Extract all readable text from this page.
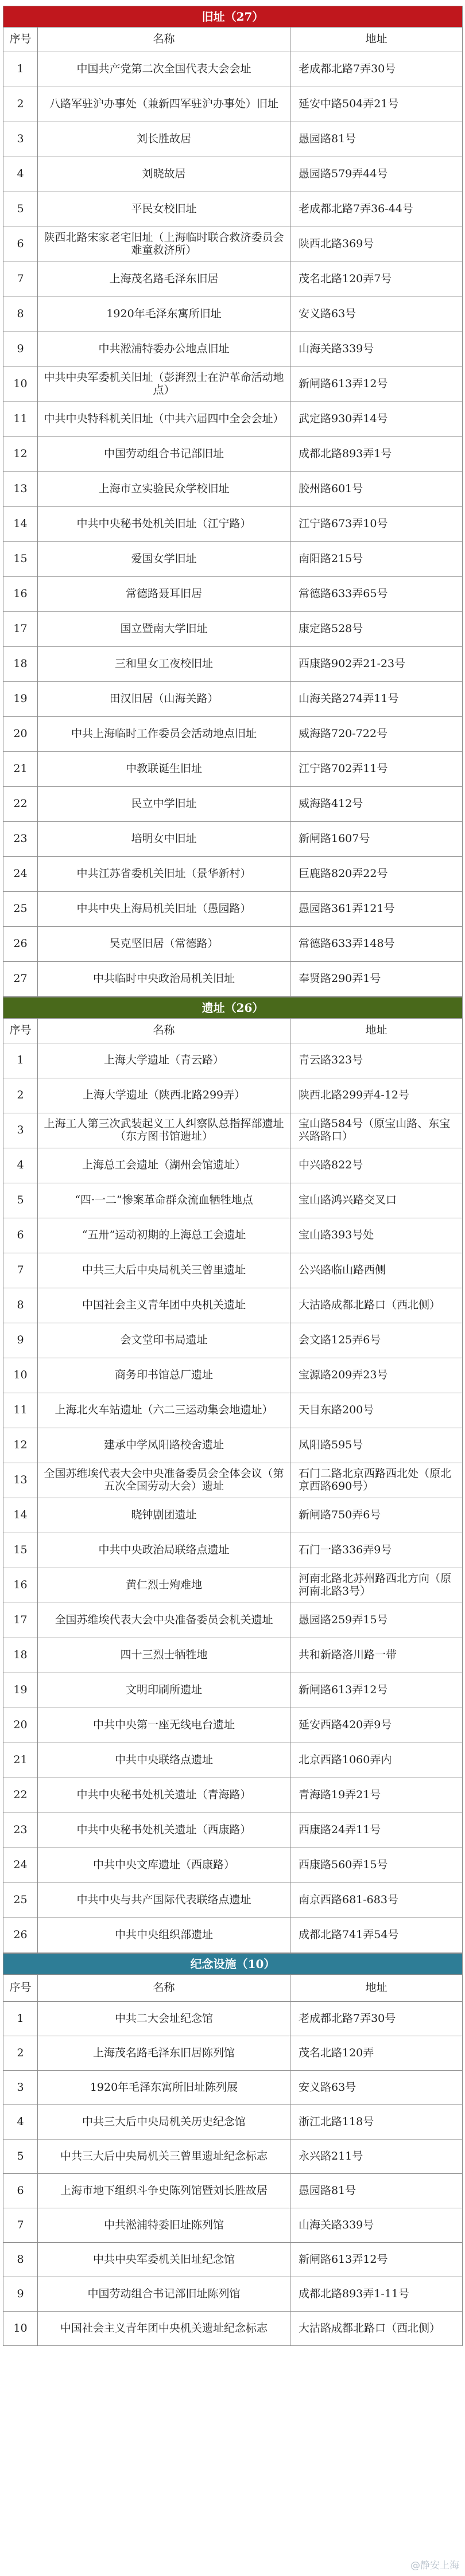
旧址（27）		
序号	名称	地址
1	中国共产党第二次全国代表大会会址	老成都北路7弄30号
2	八路军驻沪办事处（兼新四军驻沪办事处）旧址	延安中路504弄21号
3	刘长胜故居	愚园路81号
4	刘晓故居	愚园路579弄44号
5	平民女校旧址	老成都北路7弄36-44号
6	陕西北路宋家老宅旧址（上海临时联合救济委员会难童救济所）	陕西北路369号
7	上海茂名路毛泽东旧居	茂名北路120弄7号
8	1920年毛泽东寓所旧址	安义路63号
9	中共淞浦特委办公地点旧址	山海关路339号
10	中共中央军委机关旧址（彭湃烈士在沪革命活动地点）	新闸路613弄12号
11	中共中央特科机关旧址（中共六届四中全会会址）	武定路930弄14号
12	中国劳动组合书记部旧址	成都北路893弄1号
13	上海市立实验民众学校旧址	胶州路601号
14	中共中央秘书处机关旧址（江宁路）	江宁路673弄10号
15	爱国女学旧址	南阳路215号
16	常德路聂耳旧居	常德路633弄65号
17	国立暨南大学旧址	康定路528号
18	三和里女工夜校旧址	西康路902弄21-23号
19	田汉旧居（山海关路）	山海关路274弄11号
20	中共上海临时工作委员会活动地点旧址	威海路720-722号
21	中教联诞生旧址	江宁路702弄11号
22	民立中学旧址	威海路412号
23	培明女中旧址	新闸路1607号
24	中共江苏省委机关旧址（景华新村）	巨鹿路820弄22号
25	中共中央上海局机关旧址（愚园路）	愚园路361弄121号
26	吴克坚旧居（常德路）	常德路633弄148号
27	中共临时中央政治局机关旧址	奉贤路290弄1号
遗址（26）		
序号	名称	地址
1	上海大学遗址（青云路）	青云路323号
2	上海大学遗址（陕西北路299弄）	陕西北路299弄4-12号
3	上海工人第三次武装起义工人纠察队总指挥部遗址（东方图书馆遗址）	宝山路584号（原宝山路、东宝兴路路口）
4	上海总工会遗址（湖州会馆遗址）	中兴路822号
5	“四·一二”惨案革命群众流血牺牲地点	宝山路鸿兴路交叉口
6	“五卅”运动初期的上海总工会遗址	宝山路393号处
7	中共三大后中央局机关三曾里遗址	公兴路临山路西侧
8	中国社会主义青年团中央机关遗址	大沽路成都北路口（西北侧）
9	会文堂印书局遗址	会文路125弄6号
10	商务印书馆总厂遗址	宝源路209弄23号
11	上海北火车站遗址（六二三运动集会地遗址）	天目东路200号
12	建承中学凤阳路校舍遗址	凤阳路595号
13	全国苏维埃代表大会中央准备委员会全体会议（第五次全国劳动大会）遗址	石门二路北京西路西北处（原北京西路690号）
14	晓钟剧团遗址	新闸路750弄6号
15	中共中央政治局联络点遗址	石门一路336弄9号
16	黄仁烈士殉难地	河南北路北苏州路西北方向（原河南北路3号）
17	全国苏维埃代表大会中央准备委员会机关遗址	愚园路259弄15号
18	四十三烈士牺牲地	共和新路洛川路一带
19	文明印刷所遗址	新闸路613弄12号
20	中共中央第一座无线电台遗址	延安西路420弄9号
21	中共中央联络点遗址	北京西路1060弄内
22	中共中央秘书处机关遗址（青海路）	青海路19弄21号
23	中共中央秘书处机关遗址（西康路）	西康路24弄11号
24	中共中央文库遗址（西康路）	西康路560弄15号
25	中共中央与共产国际代表联络点遗址	南京西路681-683号
26	中共中央组织部遗址	成都北路741弄54号
纪念设施（10）		
序号	名称	地址
1	中共二大会址纪念馆	老成都北路7弄30号
2	上海茂名路毛泽东旧居陈列馆	茂名北路120弄
3	1920年毛泽东寓所旧址陈列展	安义路63号
4	中共三大后中央局机关历史纪念馆	浙江北路118号
5	中共三大后中央局机关三曾里遗址纪念标志	永兴路211号
6	上海市地下组织斗争史陈列馆暨刘长胜故居	愚园路81号
7	中共淞浦特委旧址陈列馆	山海关路339号
8	中共中央军委机关旧址纪念馆	新闸路613弄12号
9	中国劳动组合书记部旧址陈列馆	成都北路893弄1-11号
10	中国社会主义青年团中央机关遗址纪念标志	大沽路成都北路口（西北侧）
@静安上海
